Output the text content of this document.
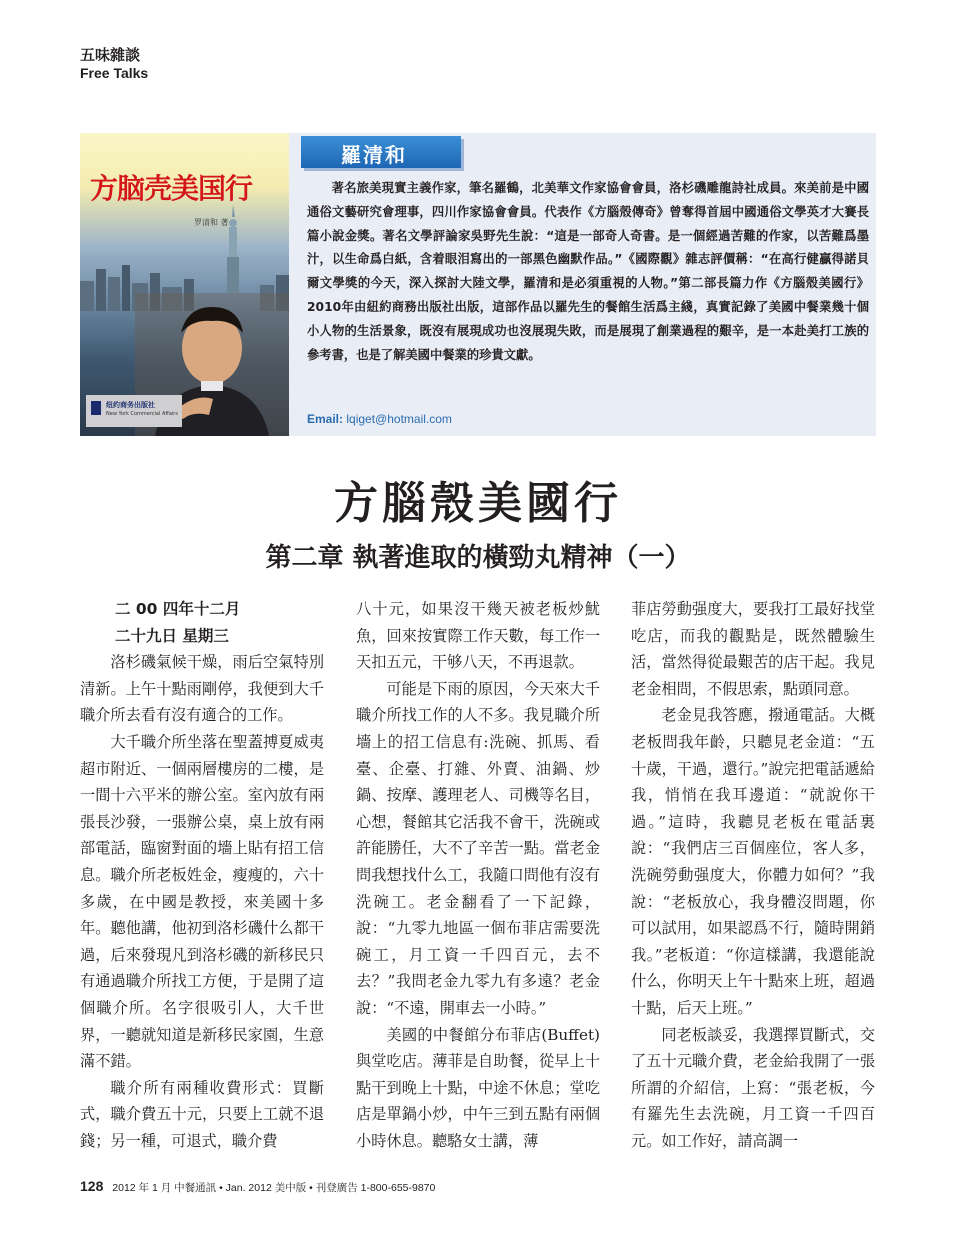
五味雜談
Free Talks
方脑壳美国行
罗清和 著
纽约商务出版社
New York Commercial Affairs
羅清和

著名旅美現實主義作家，筆名羅鶴，北美華文作家協會會員，洛杉磯雕龍詩社成員。來美前是中國通俗文藝研究會理事，四川作家協會會員。代表作《方腦殼傳奇》曾奪得首屆中國通俗文學英才大賽長篇小說金獎。著名文學評論家吳野先生說：“這是一部奇人奇書。是一個經過苦難的作家，以苦難爲墨汁，以生命爲白紙，含着眼泪寫出的一部黑色幽默作品。”《國際觀》雜志評價稱：“在高行健贏得諾貝爾文學獎的今天，深入探討大陸文學，羅清和是必須重視的人物。”第二部長篇力作《方腦殼美國行》2010年由紐約商務出版社出版，這部作品以羅先生的餐館生活爲主綫，真實記錄了美國中餐業幾十個小人物的生活景象，既沒有展現成功也沒展現失敗，而是展現了創業過程的艱辛，是一本赴美打工族的參考書，也是了解美國中餐業的珍貴文獻。

Email: lqiget@hotmail.com
方腦殼美國行
第二章 執著進取的橫勁丸精神（一）
二 00 四年十二月
二十九日 星期三

洛杉磯氣候干燥，雨后空氣特別清新。上午十點雨剛停，我便到大千職介所去看有沒有適合的工作。

大千職介所坐落在聖蓋搏夏威夷超市附近、一個兩層樓房的二樓，是一間十六平米的辦公室。室內放有兩張長沙發，一張辦公桌，桌上放有兩部電話，臨窗對面的墻上貼有招工信息。職介所老板姓金，瘦瘦的，六十多歲，在中國是教授，來美國十多年。聽他講，他初到洛杉磯什么都干過，后來發現凡到洛杉磯的新移民只有通過職介所找工方便，于是開了這個職介所。名字很吸引人，大千世界，一聽就知道是新移民家園，生意滿不錯。

職介所有兩種收費形式：買斷式，職介費五十元，只要上工就不退錢；另一種，可退式，職介費

八十元，如果沒干幾天被老板炒魷魚，回來按實際工作天數，每工作一天扣五元，干够八天，不再退款。

可能是下雨的原因，今天來大千職介所找工作的人不多。我見職介所墻上的招工信息有:洗碗、抓馬、看臺、企臺、打雜、外賣、油鍋、炒鍋、按摩、護理老人、司機等名目，心想，餐館其它活我不會干，洗碗或許能勝任，大不了辛苦一點。當老金問我想找什么工，我隨口問他有沒有洗碗工。老金翻看了一下記錄，說：“九零九地區一個布菲店需要洗碗工，月工資一千四百元，去不去？”我問老金九零九有多遠？老金說：“不遠，開車去一小時。”

美國的中餐館分布菲店(Buffet)與堂吃店。薄菲是自助餐，從早上十點干到晚上十點，中途不休息；堂吃店是單鍋小炒，中午三到五點有兩個小時休息。聽駱女士講，薄

菲店勞動强度大，要我打工最好找堂吃店，而我的觀點是，既然體驗生活，當然得從最艱苦的店干起。我見老金相問，不假思索，點頭同意。

老金見我答應，撥通電話。大概老板問我年齡，只聽見老金道：“五十歲，干過，還行。”說完把電話遞給我，悄悄在我耳邊道：“就說你干過。”這時，我聽見老板在電話裏說：“我們店三百個座位，客人多，洗碗勞動强度大，你體力如何？”我說：“老板放心，我身體沒問題，你可以試用，如果認爲不行，隨時開銷我。”老板道：“你這樣講，我還能說什么，你明天上午十點來上班，超過十點，后天上班。”

同老板談妥，我選擇買斷式，交了五十元職介費，老金給我開了一張所謂的介紹信，上寫：“張老板，今有羅先生去洗碗，月工資一千四百元。如工作好，請高調一

128 2012 年 1 月 中餐通訊 • Jan. 2012 美中版 • 刊登廣告 1-800-655-9870
